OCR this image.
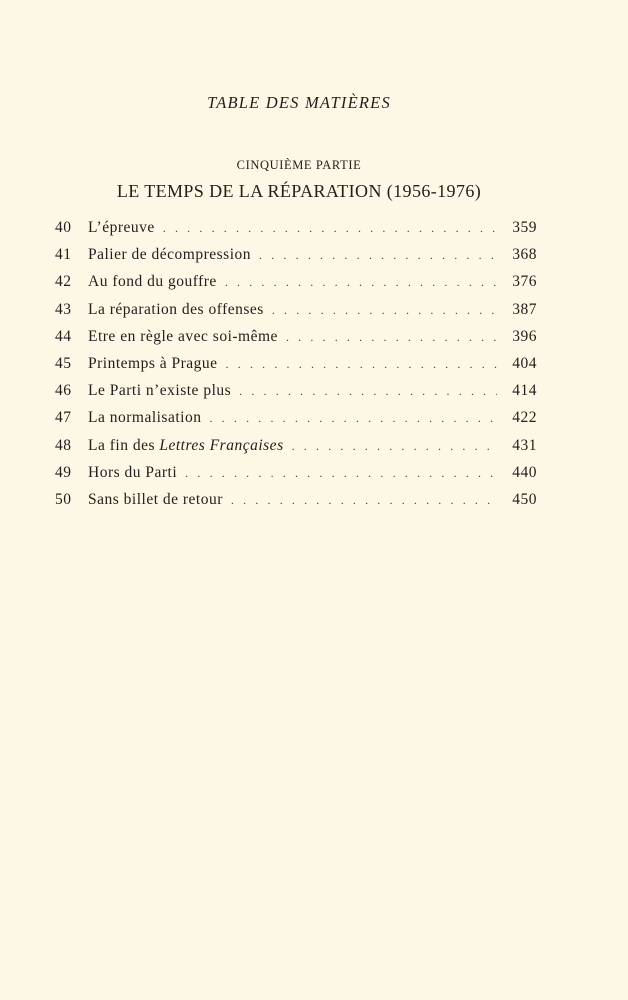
TABLE DES MATIÈRES
CINQUIÈME PARTIE
LE TEMPS DE LA RÉPARATION (1956-1976)
40	L’épreuve . . .	359
41	Palier de décompression . . .	368
42	Au fond du gouffre . . .	376
43	La réparation des offenses . . .	387
44	Etre en règle avec soi-même . . .	396
45	Printemps à Prague . . .	404
46	Le Parti n’existe plus . . .	414
47	La normalisation . . .	422
48	La fin des Lettres Françaises . . .	431
49	Hors du Parti . . .	440
50	Sans billet de retour . . .	450
